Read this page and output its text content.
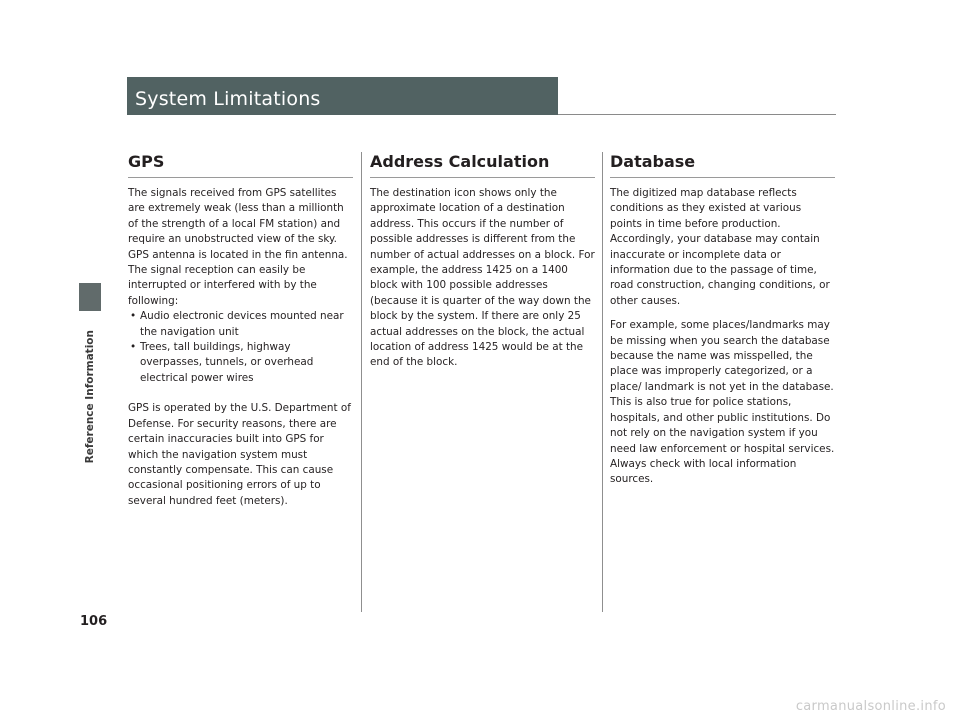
Reference Information
System Limitations
GPS

The signals received from GPS satellites are extremely weak (less than a millionth of the strength of a local FM station) and require an unobstructed view of the sky. GPS antenna is located in the fin antenna. The signal reception can easily be interrupted or interfered with by the following:

• Audio electronic devices mounted near the navigation unit
• Trees, tall buildings, highway overpasses, tunnels, or overhead electrical power wires

GPS is operated by the U.S. Department of Defense. For security reasons, there are certain inaccuracies built into GPS for which the navigation system must constantly compensate. This can cause occasional positioning errors of up to several hundred feet (meters).

Address Calculation

The destination icon shows only the approximate location of a destination address. This occurs if the number of possible addresses is different from the number of actual addresses on a block. For example, the address 1425 on a 1400 block with 100 possible addresses (because it is quarter of the way down the block by the system. If there are only 25 actual addresses on the block, the actual location of address 1425 would be at the end of the block.

Database

The digitized map database reflects conditions as they existed at various points in time before production. Accordingly, your database may contain inaccurate or incomplete data or information due to the passage of time, road construction, changing conditions, or other causes.

For example, some places/landmarks may be missing when you search the database because the name was misspelled, the place was improperly categorized, or a place/ landmark is not yet in the database. This is also true for police stations, hospitals, and other public institutions. Do not rely on the navigation system if you need law enforcement or hospital services. Always check with local information sources.

106
carmanualsonline.info
